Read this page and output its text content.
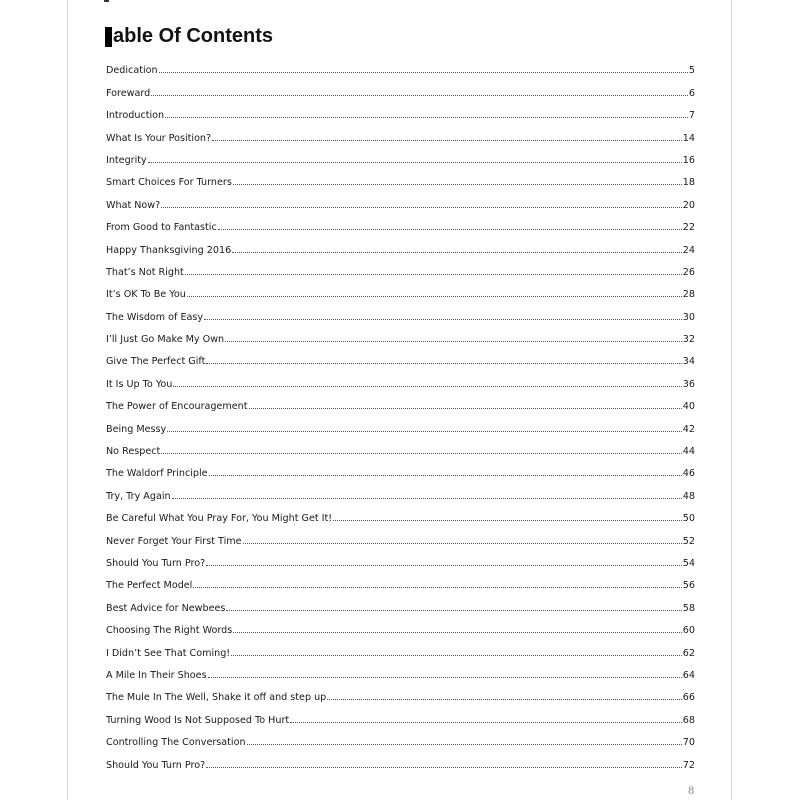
able Of Contents
Dedication	5
Foreward	6
Introduction	7
What Is Your Position?	14
Integrity	16
Smart Choices For Turners	18
What Now?	20
From Good to Fantastic	22
Happy Thanksgiving 2016	24
That’s Not Right	26
It’s OK To Be You	28
The Wisdom of Easy	30
I’ll Just Go Make My Own	32
Give The Perfect Gift	34
It Is Up To You	36
The Power of Encouragement	40
Being Messy	42
No Respect	44
The Waldorf Principle	46
Try, Try Again	48
Be Careful What You Pray For, You Might Get It!	50
Never Forget Your First Time	52
Should You Turn Pro?	54
The Perfect Model	56
Best Advice for Newbees	58
Choosing The Right Words	60
I Didn’t See That Coming!	62
A Mile In Their Shoes	64
The Mule In The Well, Shake it off and step up	66
Turning Wood Is Not Supposed To Hurt	68
Controlling The Conversation	70
Should You Turn Pro?	72
8
